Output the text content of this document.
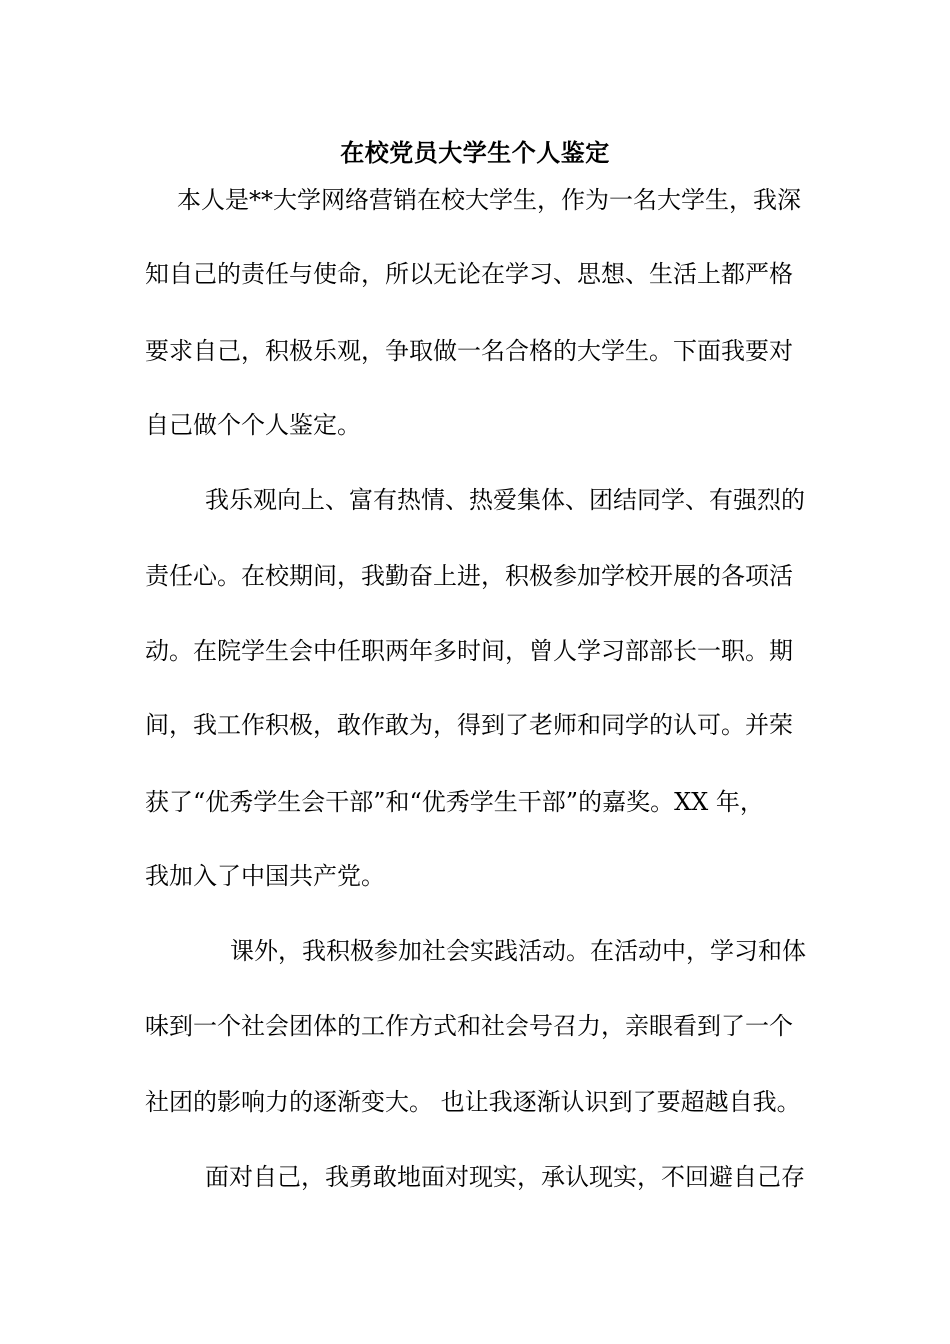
在校党员大学生个人鉴定
本人是**大学网络营销在校大学生，作为一名大学生，我深
知自己的责任与使命，所以无论在学习、思想、生活上都严格
要求自己，积极乐观，争取做一名合格的大学生。下面我要对
自己做个个人鉴定。
我乐观向上、富有热情、热爱集体、团结同学、有强烈的
责任心。在校期间，我勤奋上进，积极参加学校开展的各项活
动。在院学生会中任职两年多时间，曾人学习部部长一职。期
间，我工作积极，敢作敢为，得到了老师和同学的认可。并荣
获了“优秀学生会干部”和“优秀学生干部”的嘉奖。XX 年，
我加入了中国共产党。
课外，我积极参加社会实践活动。在活动中，学习和体
味到一个社会团体的工作方式和社会号召力，亲眼看到了一个
社团的影响力的逐渐变大。 也让我逐渐认识到了要超越自我。
面对自己，我勇敢地面对现实，承认现实，不回避自己存
